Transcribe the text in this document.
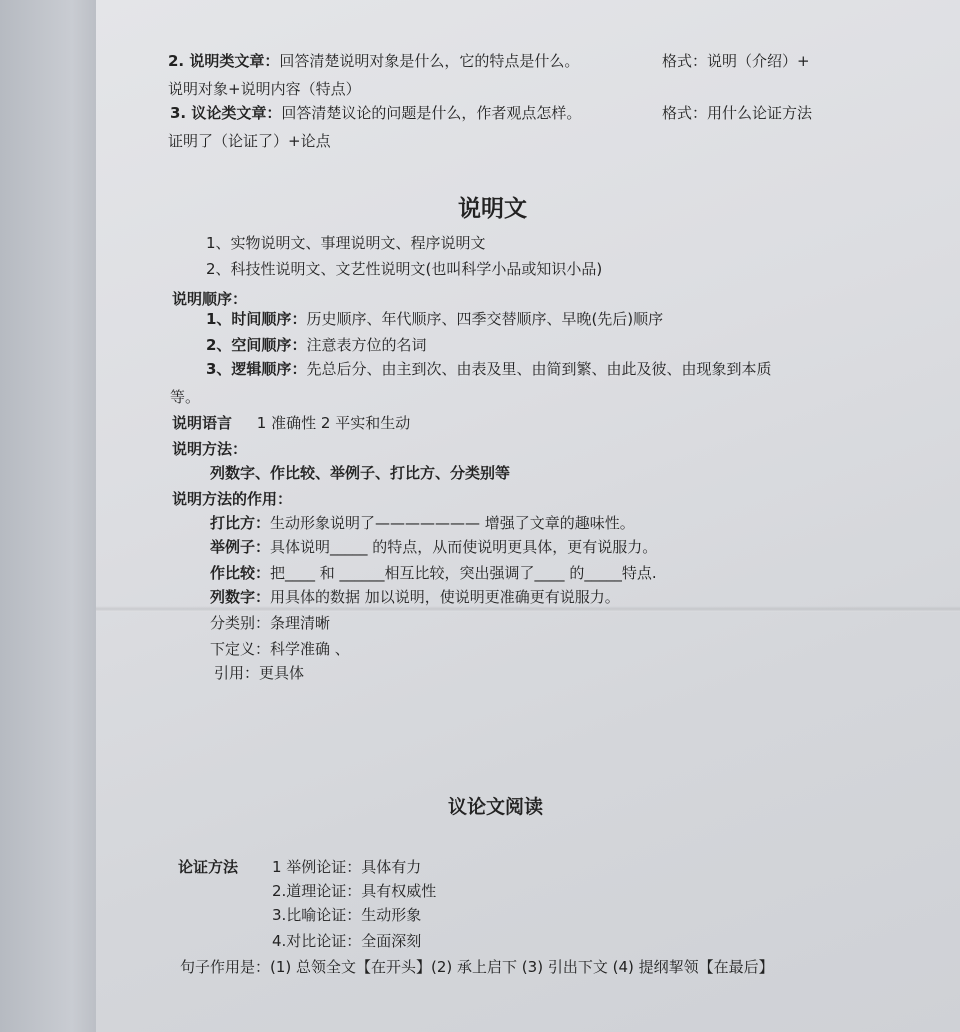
2. 说明类文章：回答清楚说明对象是什么，它的特点是什么。	格式：说明（介绍）+
说明对象+说明内容（特点）
3. 议论类文章：回答清楚议论的问题是什么，作者观点怎样。	格式：用什么论证方法
证明了（论证了）+论点
说明文
1、实物说明文、事理说明文、程序说明文
2、科技性说明文、文艺性说明文(也叫科学小品或知识小品)
说明顺序：
1、时间顺序：历史顺序、年代顺序、四季交替顺序、早晚(先后)顺序
2、空间顺序：注意表方位的名词
3、逻辑顺序：先总后分、由主到次、由表及里、由简到繁、由此及彼、由现象到本质
等。
说明语言 1 准确性 2 平实和生动
说明方法：
列数字、作比较、举例子、打比方、分类别等
说明方法的作用：
打比方：生动形象说明了——————— 增强了文章的趣味性。
举例子：具体说明_____ 的特点，从而使说明更具体，更有说服力。
作比较：把____ 和 ______相互比较，突出强调了____ 的_____特点.
列数字：用具体的数据 加以说明，使说明更准确更有说服力。
分类别：条理清晰
下定义：科学准确 、
引用：更具体
议论文阅读
论证方法 1 举例论证：具体有力
2.道理论证：具有权威性
3.比喻论证：生动形象
4.对比论证：全面深刻
句子作用是：(1) 总领全文【在开头】(2) 承上启下 (3) 引出下文 (4) 提纲挈领【在最后】
